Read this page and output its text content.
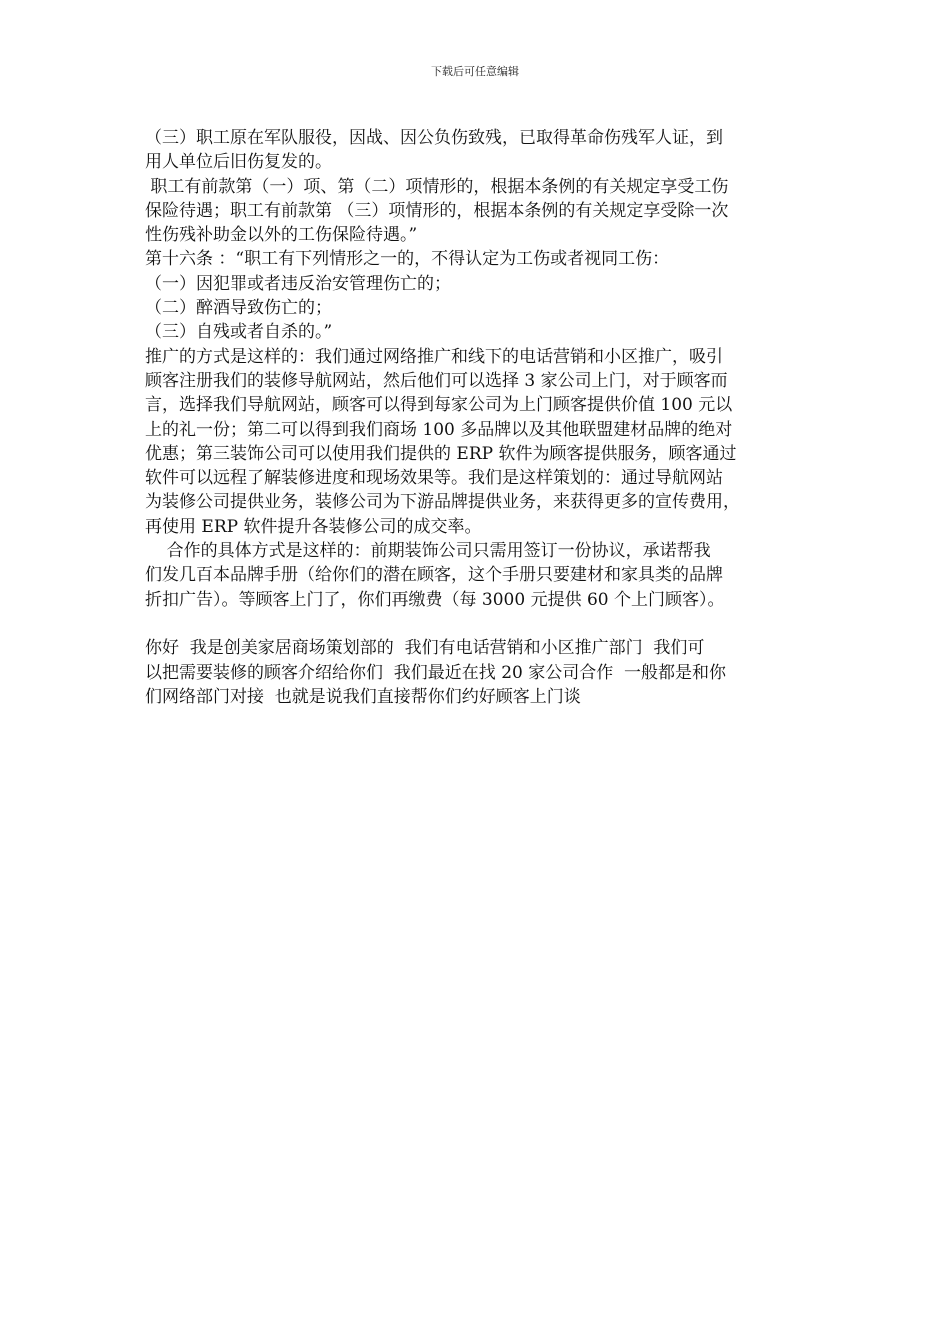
下载后可任意编辑
（三）职工原在军队服役，因战、因公负伤致残，已取得革命伤残军人证，到
用人单位后旧伤复发的。
职工有前款第（一）项、第（二）项情形的，根据本条例的有关规定享受工伤
保险待遇；职工有前款第 （三）项情形的，根据本条例的有关规定享受除一次
性伤残补助金以外的工伤保险待遇。”
第十六条 ：“职工有下列情形之一的，不得认定为工伤或者视同工伤：
（一）因犯罪或者违反治安管理伤亡的；
（二）醉酒导致伤亡的；
（三）自残或者自杀的。”
推广的方式是这样的：我们通过网络推广和线下的电话营销和小区推广，吸引
顾客注册我们的装修导航网站，然后他们可以选择 3 家公司上门，对于顾客而
言，选择我们导航网站，顾客可以得到每家公司为上门顾客提供价值 100 元以
上的礼一份；第二可以得到我们商场 100 多品牌以及其他联盟建材品牌的绝对
优惠；第三装饰公司可以使用我们提供的 ERP 软件为顾客提供服务，顾客通过
软件可以远程了解装修进度和现场效果等。我们是这样策划的：通过导航网站
为装修公司提供业务，装修公司为下游品牌提供业务，来获得更多的宣传费用，
再使用 ERP 软件提升各装修公司的成交率。
合作的具体方式是这样的：前期装饰公司只需用签订一份协议，承诺帮我
们发几百本品牌手册（给你们的潜在顾客，这个手册只要建材和家具类的品牌
折扣广告）。等顾客上门了，你们再缴费（每 3000 元提供 60 个上门顾客）。
你好  我是创美家居商场策划部的  我们有电话营销和小区推广部门  我们可
以把需要装修的顾客介绍给你们  我们最近在找 20 家公司合作  一般都是和你
们网络部门对接  也就是说我们直接帮你们约好顾客上门谈
